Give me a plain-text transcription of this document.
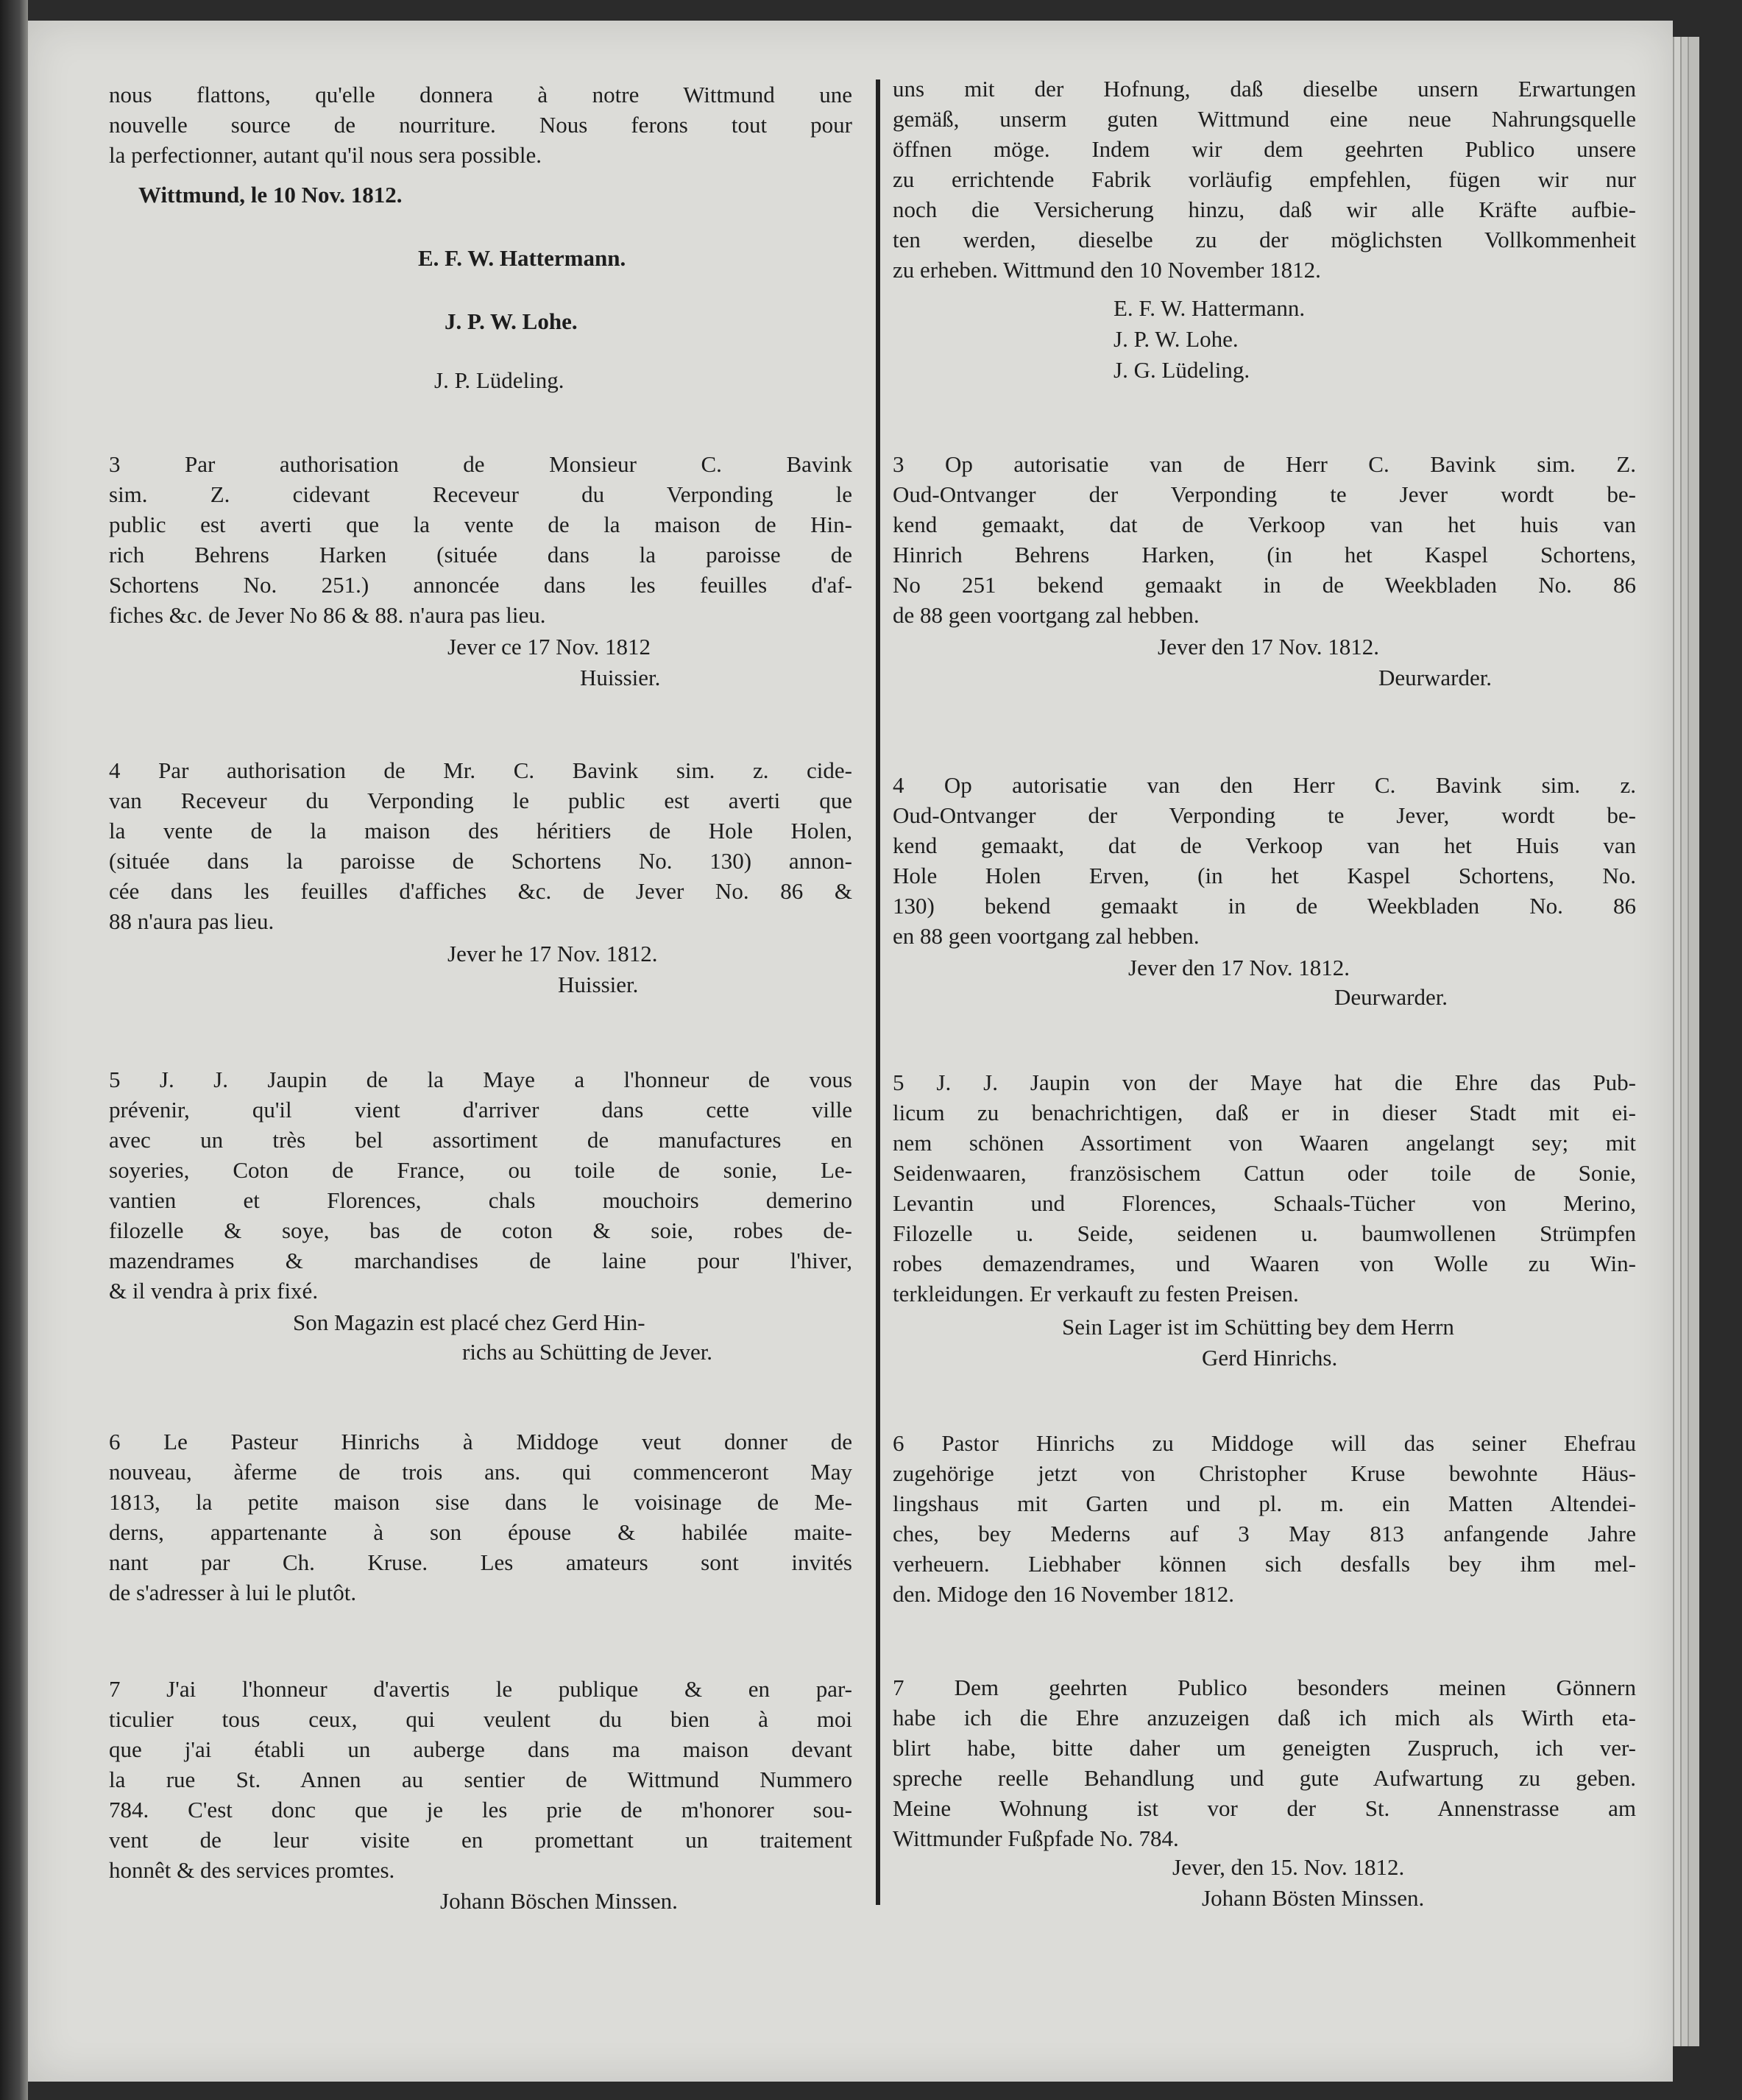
nous flattons, qu'elle donnera à notre Wittmund une
nouvelle source de nourriture. Nous ferons tout pour
la perfectionner, autant qu'il nous sera possible.
Wittmund, le 10 Nov. 1812.
E. F. W. Hattermann.
J. P. W. Lohe.
J. P. Lüdeling.
3 Par authorisation de Monsieur C. Bavink
sim. Z. cidevant Receveur du Verponding le
public est averti que la vente de la maison de Hin-
rich Behrens Harken (située dans la paroisse de
Schortens No. 251.) annoncée dans les feuilles d'af-
fiches &c. de Jever No 86 & 88. n'aura pas lieu.
Jever ce 17 Nov. 1812
Huissier.
4 Par authorisation de Mr. C. Bavink sim. z. cide-
van Receveur du Verponding le public est averti que
la vente de la maison des héritiers de Hole Holen,
(située dans la paroisse de Schortens No. 130) annon-
cée dans les feuilles d'affiches &c. de Jever No. 86 &
88 n'aura pas lieu.
Jever he 17 Nov. 1812.
Huissier.
5 J. J. Jaupin de la Maye a l'honneur de vous
prévenir, qu'il vient d'arriver dans cette ville
avec un très bel assortiment de manufactures en
soyeries, Coton de France, ou toile de sonie, Le-
vantien et Florences, chals mouchoirs demerino
filozelle & soye, bas de coton & soie, robes de-
mazendrames & marchandises de laine pour l'hiver,
& il vendra à prix fixé.
Son Magazin est placé chez Gerd Hin-
richs au Schütting de Jever.
6 Le Pasteur Hinrichs à Middoge veut donner de
nouveau, àferme de trois ans. qui commenceront May
1813, la petite maison sise dans le voisinage de Me-
derns, appartenante à son épouse & habilée maite-
nant par Ch. Kruse. Les amateurs sont invités
de s'adresser à lui le plutôt.
7 J'ai l'honneur d'avertis le publique & en par-
ticulier tous ceux, qui veulent du bien à moi
que j'ai établi un auberge dans ma maison devant
la rue St. Annen au sentier de Wittmund Nummero
784. C'est donc que je les prie de m'honorer sou-
vent de leur visite en promettant un traitement
honnêt & des services promtes.
Johann Böschen Minssen.
uns mit der Hofnung, daß dieselbe unsern Erwartungen
gemäß, unserm guten Wittmund eine neue Nahrungsquelle
öffnen möge. Indem wir dem geehrten Publico unsere
zu errichtende Fabrik vorläufig empfehlen, fügen wir nur
noch die Versicherung hinzu, daß wir alle Kräfte aufbie-
ten werden, dieselbe zu der möglichsten Vollkommenheit
zu erheben. Wittmund den 10 November 1812.
E. F. W. Hattermann.
J. P. W. Lohe.
J. G. Lüdeling.
3 Op autorisatie van de Herr C. Bavink sim. Z.
Oud-Ontvanger der Verponding te Jever wordt be-
kend gemaakt, dat de Verkoop van het huis van
Hinrich Behrens Harken, (in het Kaspel Schortens,
No 251 bekend gemaakt in de Weekbladen No. 86
de 88 geen voortgang zal hebben.
Jever den 17 Nov. 1812.
Deurwarder.
4 Op autorisatie van den Herr C. Bavink sim. z.
Oud-Ontvanger der Verponding te Jever, wordt be-
kend gemaakt, dat de Verkoop van het Huis van
Hole Holen Erven, (in het Kaspel Schortens, No.
130) bekend gemaakt in de Weekbladen No. 86
en 88 geen voortgang zal hebben.
Jever den 17 Nov. 1812.
Deurwarder.
5 J. J. Jaupin von der Maye hat die Ehre das Pub-
licum zu benachrichtigen, daß er in dieser Stadt mit ei-
nem schönen Assortiment von Waaren angelangt sey; mit
Seidenwaaren, französischem Cattun oder toile de Sonie,
Levantin und Florences, Schaals-Tücher von Merino,
Filozelle u. Seide, seidenen u. baumwollenen Strümpfen
robes demazendrames, und Waaren von Wolle zu Win-
terkleidungen. Er verkauft zu festen Preisen.
Sein Lager ist im Schütting bey dem Herrn
Gerd Hinrichs.
6 Pastor Hinrichs zu Middoge will das seiner Ehefrau
zugehörige jetzt von Christopher Kruse bewohnte Häus-
lingshaus mit Garten und pl. m. ein Matten Altendei-
ches, bey Mederns auf 3 May 813 anfangende Jahre
verheuern. Liebhaber können sich desfalls bey ihm mel-
den. Midoge den 16 November 1812.
7 Dem geehrten Publico besonders meinen Gönnern
habe ich die Ehre anzuzeigen daß ich mich als Wirth eta-
blirt habe, bitte daher um geneigten Zuspruch, ich ver-
spreche reelle Behandlung und gute Aufwartung zu geben.
Meine Wohnung ist vor der St. Annenstrasse am
Wittmunder Fußpfade No. 784.
Jever, den 15. Nov. 1812.
Johann Bösten Minssen.
